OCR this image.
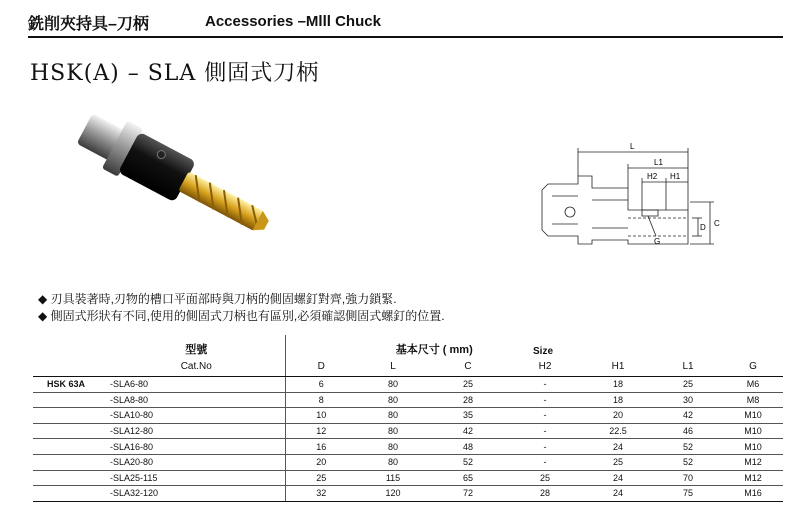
銑削夾持具–刀柄	Accessories –Mlll Chuck
HSK(A) – SLA 側固式刀柄
L
L1
H2 H1
D C
G
◆ 刃具裝著時,刃物的槽口平面部時與刀柄的側固螺釘對齊,強力鎖緊.
◆ 側固式形狀有不同,使用的側固式刀柄也有區別,必須確認側固式螺釘的位置.
	型號	基本尺寸 ( mm)				Size		
	Cat.No	D	L	C	H2	H1	L1	G
HSK 63A	-SLA6-80	6	80	25	-	18	25	M6
	-SLA8-80	8	80	28	-	18	30	M8
	-SLA10-80	10	80	35	-	20	42	M10
	-SLA12-80	12	80	42	-	22.5	46	M10
	-SLA16-80	16	80	48	-	24	52	M10
	-SLA20-80	20	80	52	-	25	52	M12
	-SLA25-115	25	115	65	25	24	70	M12
	-SLA32-120	32	120	72	28	24	75	M16
